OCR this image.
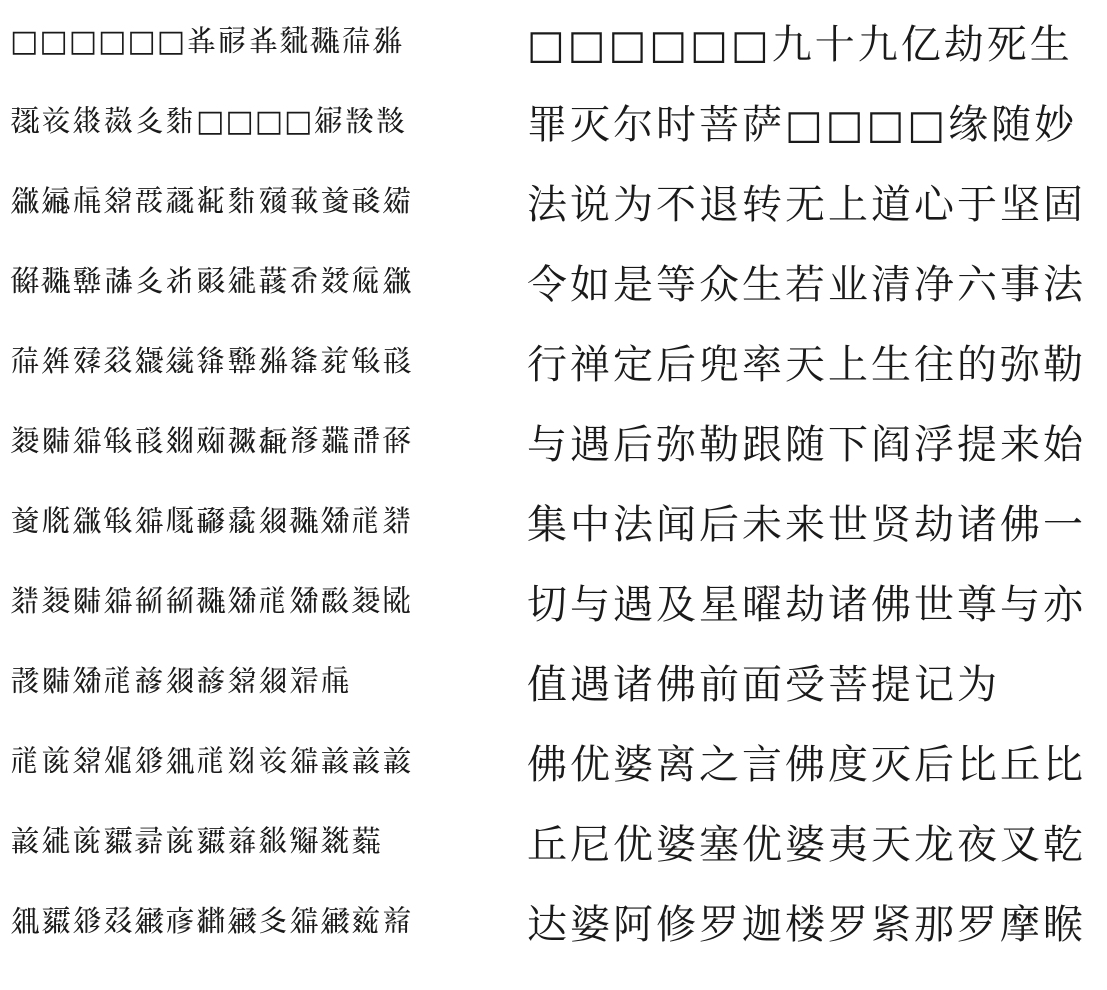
□□□□□□𘕰𗟲𘕰𘙇𗖵𗗚𗉝
𗖰𘝞𗩀𗖷𗢨𘘦□□□□𗦜𘕗𘕕
𗫡𗩾𗍫𗿈𘟀𗹙𘕿𘘦𗸰𘆄𗒹𘈧𗩴
𘇂𗖵𗟞𗰜𗢨𘂆𘓯𗧓𗞞𘇰𘖑𗏁𗫡
𗗚𗤶𗸯𗳦𗿼𗦾𗌭𗟞𗉝𗌮𗐱𘓐𗟨
𘐀𘉐𗦗𘓐𗟨𗾞𗠫𗗂𘓂𘃡𗷒𗰠𘆤
𗒹𗅋𗫡𘓐𗦗𗅲𗸍𗲈𗤓𗖵𗽀𗙏𘐉
𘐉𘐀𘉐𗦗𗺟𗺟𗖵𗽀𗙏𗽀𘟂𘐀𗎫
𘄄𘉐𗽀𗙏𗒘𗤓𗒘𗿈𗤓𘁽𗍫
𗙏𗐯𗿈𗏞𗤁𗤀𗙏𘋨𘝞𗦗𗓁𗓁𗓁
𗓁𗧓𗐯𗸸𘝵𗐯𗸸𗒤𘔼𗌗𘐡𗞚
𗤀𗸸𗤁𘄴𗪺𗇋𘂤𗪺𗾆𗦗𗪺𗒷𗓀
□□□□□□九十九亿劫死生
罪灭尔时菩萨□□□□缘随妙
法说为不退转无上道心于坚固
令如是等众生若业清净六事法
行禅定后兜率天上生往的弥勒
与遇后弥勒跟随下阎浮提来始
集中法闻后未来世贤劫诸佛一
切与遇及星曜劫诸佛世尊与亦
值遇诸佛前面受菩提记为
佛优婆离之言佛度灭后比丘比
丘尼优婆塞优婆夷天龙夜叉乾
达婆阿修罗迦楼罗紧那罗摩睺
